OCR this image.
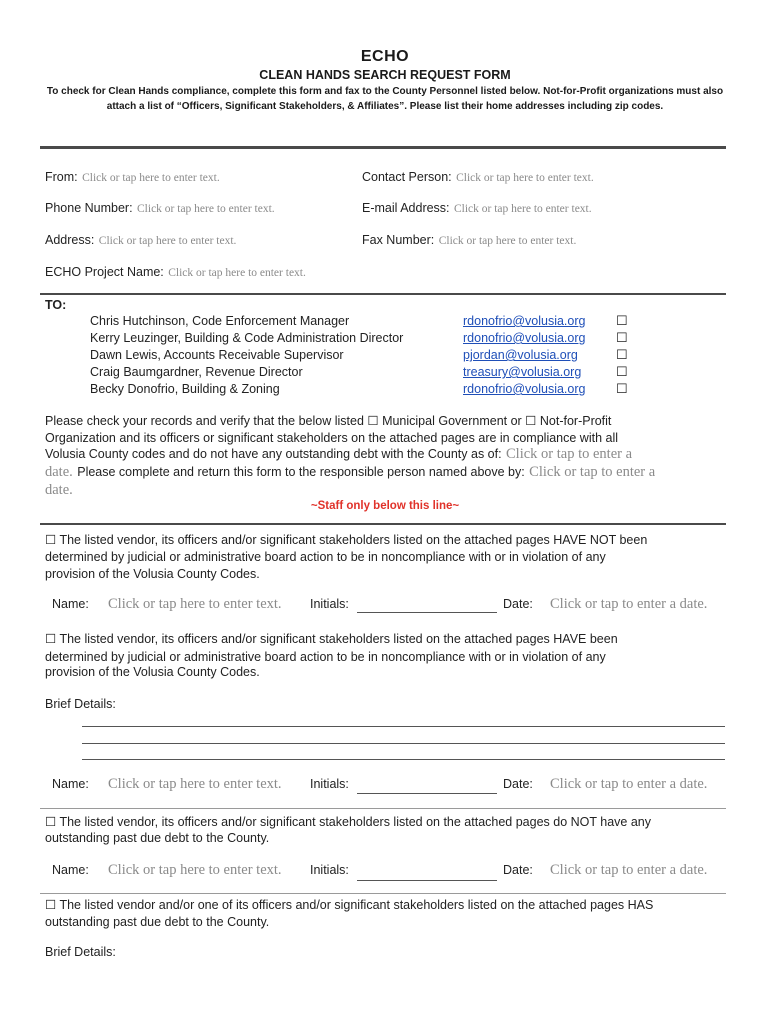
ECHO
CLEAN HANDS SEARCH REQUEST FORM
To check for Clean Hands compliance, complete this form and fax to the County Personnel listed below. Not-for-Profit organizations must also attach a list of “Officers, Significant Stakeholders, & Affiliates”. Please list their home addresses including zip codes.
From: Click or tap here to enter text.	Contact Person: Click or tap here to enter text.
Phone Number: Click or tap here to enter text.	E-mail Address: Click or tap here to enter text.
Address: Click or tap here to enter text.	Fax Number: Click or tap here to enter text.
ECHO Project Name: Click or tap here to enter text.
TO:
Chris Hutchinson, Code Enforcement Manager	rdonofrio@volusia.org ☐
Kerry Leuzinger, Building & Code Administration Director	rdonofrio@volusia.org ☐
Dawn Lewis, Accounts Receivable Supervisor	pjordan@volusia.org	☐
Craig Baumgardner, Revenue Director	treasury@volusia.org	☐
Becky Donofrio, Building & Zoning	rdonofrio@volusia.org ☐
Please check your records and verify that the below listed ☐ Municipal Government or ☐ Not-for-Profit
Organization and its officers or significant stakeholders on the attached pages are in compliance with all
Volusia County codes and do not have any outstanding debt with the County as of: Click or tap to enter a
date. Please complete and return this form to the responsible person named above by: Click or tap to enter a
date.
~Staff only below this line~
☐ The listed vendor, its officers and/or significant stakeholders listed on the attached pages HAVE NOT been
determined by judicial or administrative board action to be in noncompliance with or in violation of any
provision of the Volusia County Codes.
Name: Click or tap here to enter text. Initials:	Date: Click or tap to enter a date.
☐ The listed vendor, its officers and/or significant stakeholders listed on the attached pages HAVE been
determined by judicial or administrative board action to be in noncompliance with or in violation of any
provision of the Volusia County Codes.
Brief Details:
Name: Click or tap here to enter text. Initials:	Date: Click or tap to enter a date.
☐ The listed vendor, its officers and/or significant stakeholders listed on the attached pages do NOT have any
outstanding past due debt to the County.
Name: Click or tap here to enter text. Initials:	Date: Click or tap to enter a date.
☐ The listed vendor and/or one of its officers and/or significant stakeholders listed on the attached pages HAS
outstanding past due debt to the County.
Brief Details:
